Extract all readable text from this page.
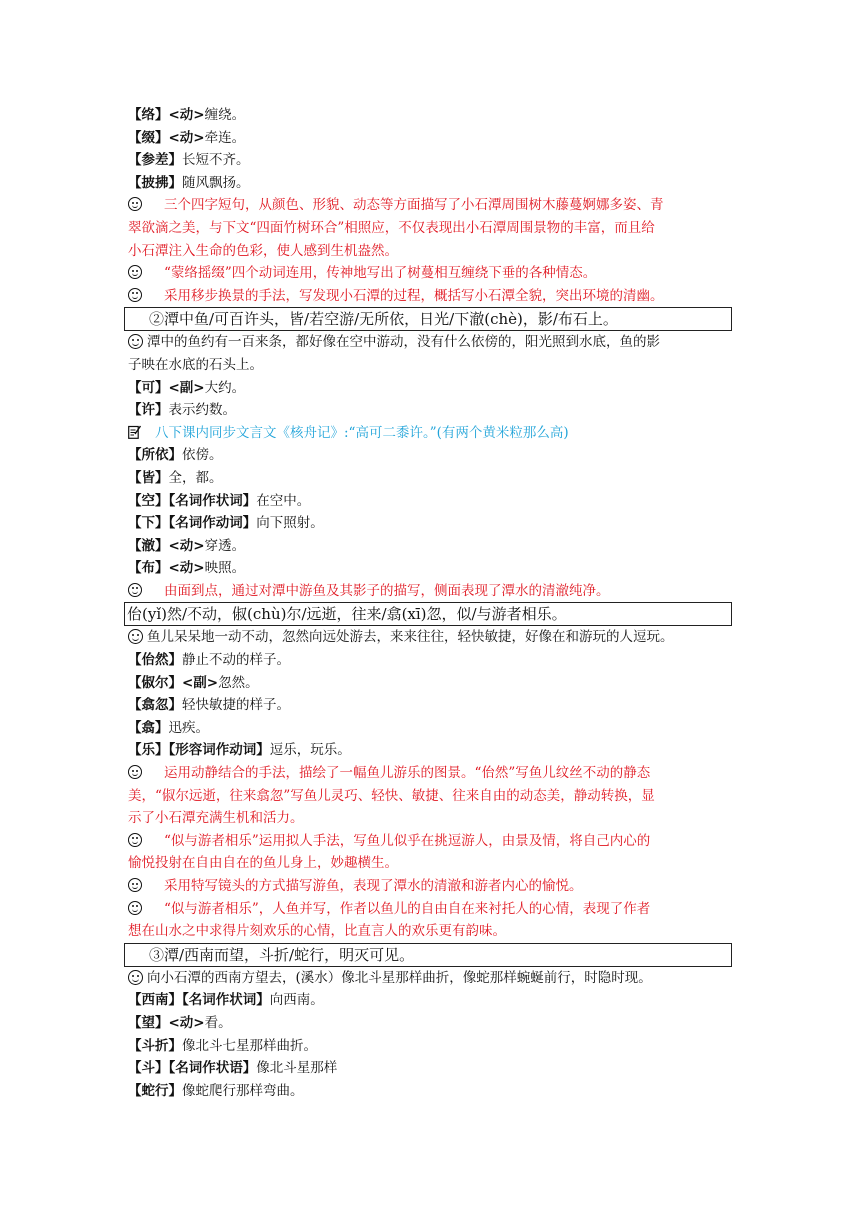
【络】<动>缠绕。
【缀】<动>牵连。
【参差】长短不齐。
【披拂】随风飘扬。
三个四字短句，从颜色、形貌、动态等方面描写了小石潭周围树木藤蔓婀娜多姿、青
翠欲滴之美，与下文“四面竹树环合”相照应，不仅表现出小石潭周围景物的丰富，而且给
小石潭注入生命的色彩，使人感到生机盎然。
“蒙络摇缀”四个动词连用，传神地写出了树蔓相互缠绕下垂的各种情态。
采用移步换景的手法，写发现小石潭的过程，概括写小石潭全貌，突出环境的清幽。
②潭中鱼/可百许头，皆/若空游/无所依，日光/下澈(chè)，影/布石上。
潭中的鱼约有一百来条，都好像在空中游动，没有什么依傍的，阳光照到水底，鱼的影
子映在水底的石头上。
【可】<副>大约。
【许】表示约数。
八下课内同步文言文《核舟记》:“高可二黍许。”(有两个黄米粒那么高)
【所依】依傍。
【皆】全，都。
【空】【名词作状词】在空中。
【下】【名词作动词】向下照射。
【澈】<动>穿透。
【布】<动>映照。
由面到点，通过对潭中游鱼及其影子的描写，侧面表现了潭水的清澈纯净。
佁(yǐ)然/不动，俶(chù)尔/远逝，往来/翕(xī)忽，似/与游者相乐。
鱼儿呆呆地一动不动，忽然向远处游去，来来往往，轻快敏捷，好像在和游玩的人逗玩。
【佁然】静止不动的样子。
【俶尔】<副>忽然。
【翕忽】轻快敏捷的样子。
【翕】迅疾。
【乐】【形容词作动词】逗乐，玩乐。
运用动静结合的手法，描绘了一幅鱼儿游乐的图景。“佁然”写鱼儿纹丝不动的静态
美，“俶尔远逝，往来翕忽”写鱼儿灵巧、轻快、敏捷、往来自由的动态美，静动转换，显
示了小石潭充满生机和活力。
“似与游者相乐”运用拟人手法，写鱼儿似乎在挑逗游人，由景及情，将自己内心的
愉悦投射在自由自在的鱼儿身上，妙趣横生。
采用特写镜头的方式描写游鱼，表现了潭水的清澈和游者内心的愉悦。
“似与游者相乐”，人鱼并写，作者以鱼儿的自由自在来衬托人的心情，表现了作者
想在山水之中求得片刻欢乐的心情，比直言人的欢乐更有韵味。
③潭/西南而望，斗折/蛇行，明灭可见。
向小石潭的西南方望去，(溪水）像北斗星那样曲折，像蛇那样蜿蜒前行，时隐时现。
【西南】【名词作状词】向西南。
【望】<动>看。
【斗折】像北斗七星那样曲折。
【斗】【名词作状语】像北斗星那样
【蛇行】像蛇爬行那样弯曲。
